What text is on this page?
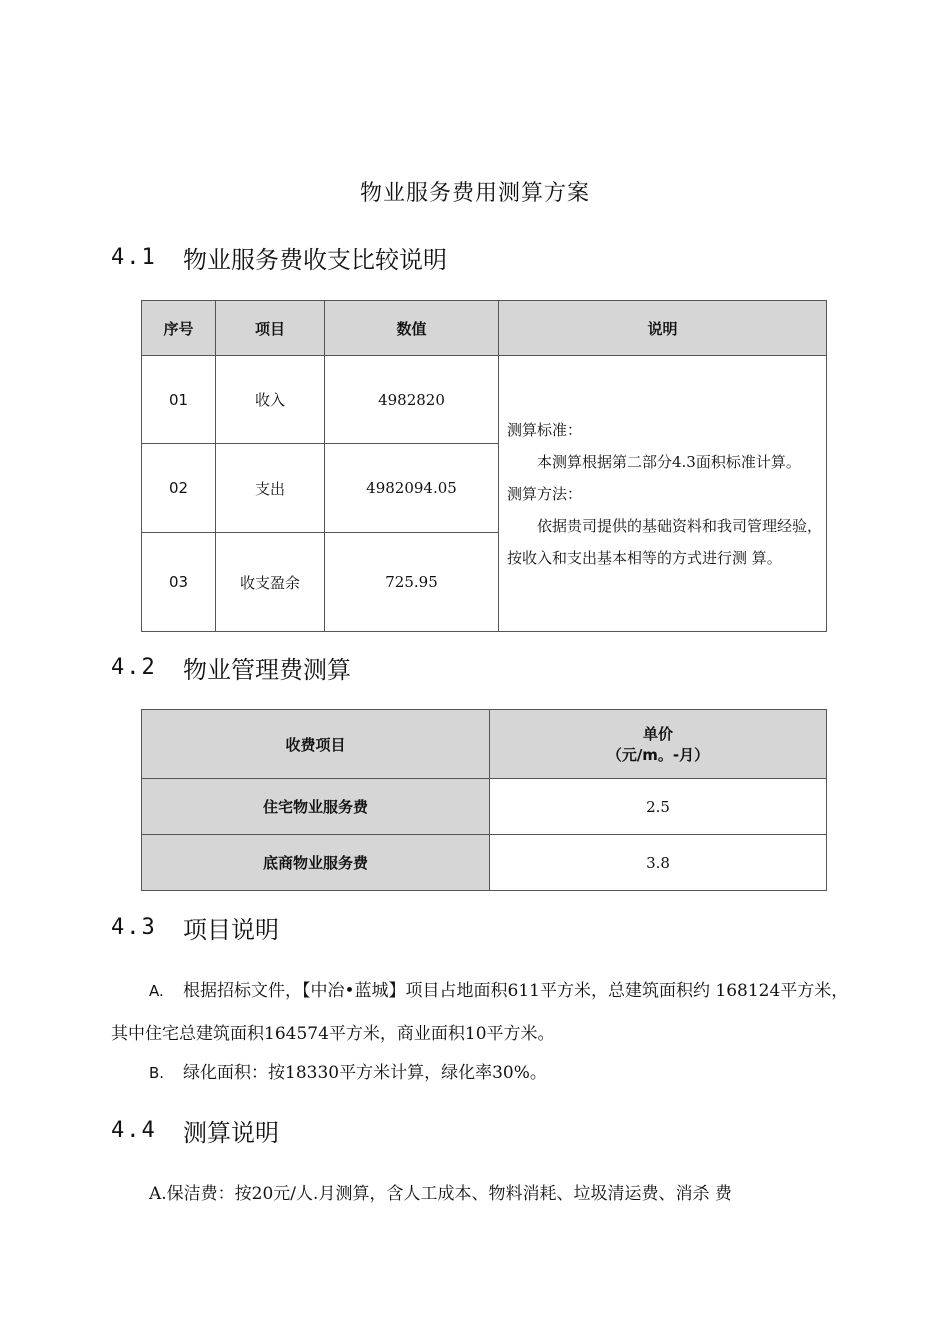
物业服务费用测算方案
4.1	物业服务费收支比较说明
序号	项目	数值	说明
01	收入	4982820	测算标准：

本测算根据第二部分4.3面积标准计算。

测算方法：

依据贵司提供的基础资料和我司管理经验，按收入和支出基本相等的方式进行测 算。

02	支出	4982094.05	
03	收支盈余	725.95	
4.2	物业管理费测算
收费项目	单价
（元/m。-月）

住宅物业服务费	2.5
底商物业服务费	3.8
4.3	项目说明
A. 根据招标文件，【中冶•蓝城】项目占地面积611平方米，总建筑面积约 168124平方米，其中住宅总建筑面积164574平方米，商业面积10平方米。
B. 绿化面积：按18330平方米计算，绿化率30%。
4.4	测算说明
A.保洁费：按20元/人.月测算，含人工成本、物料消耗、垃圾清运费、消杀 费
